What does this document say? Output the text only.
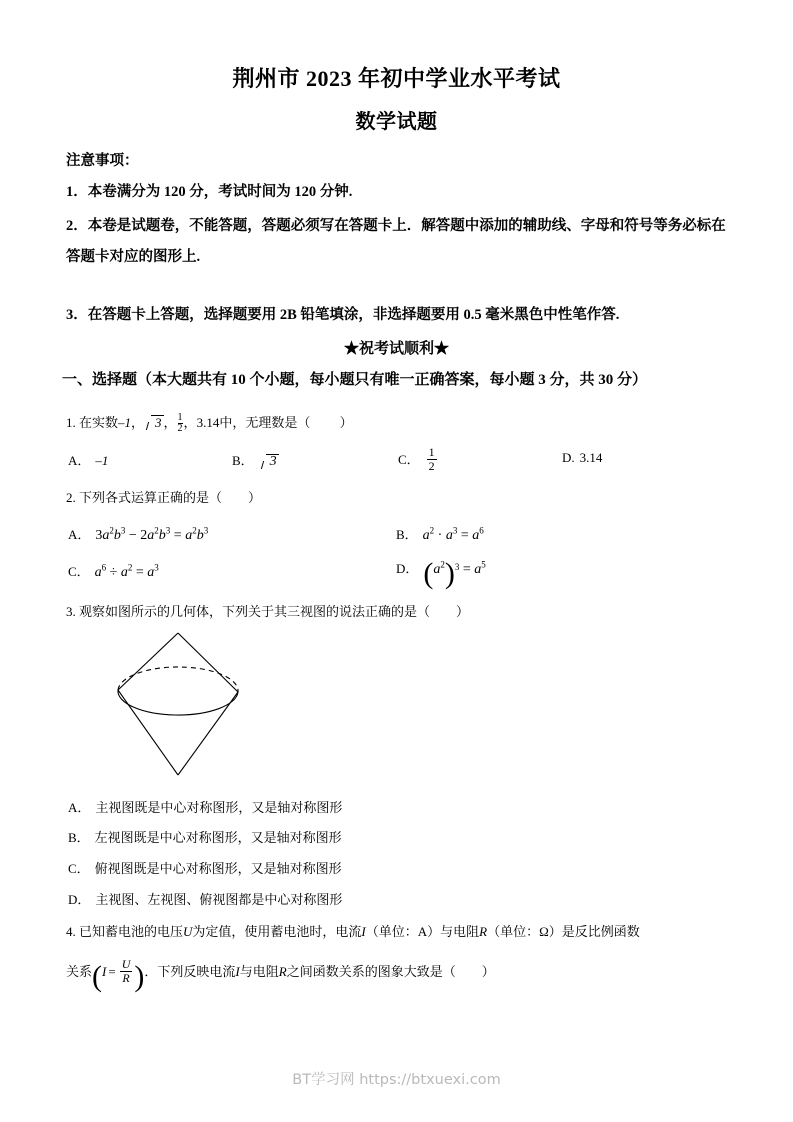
荆州市 2023 年初中学业水平考试
数学试题
注意事项：
1．本卷满分为 120 分，考试时间为 120 分钟.
2．本卷是试题卷，不能答题，答题必须写在答题卡上．解答题中添加的辅助线、字母和符号等务必标在答题卡对应的图形上.
3．在答题卡上答题，选择题要用 2B 铅笔填涂，非选择题要用 0.5 毫米黑色中性笔作答.
★祝考试顺利★
一、选择题（本大题共有 10 个小题，每小题只有唯一正确答案，每小题 3 分，共 30 分）
1. 在实数–1， 3 ， $\frac{1}{2}$ ，3.14中，无理数是（ ）
A． –1	B． 3	C． $\frac{1}{2}$	D. 3.14
2. 下列各式运算正确的是（ ）
A． $3a^2b^3 - 2a^2b^3 = a^2b^3$	B． $a^2 \cdot a^3 = a^6$
C． $a^6 \div a^2 = a^3$	D． $(a^2)^3 = a^5$
3. 观察如图所示的几何体，下列关于其三视图的说法正确的是（ ）
A． 主视图既是中心对称图形，又是轴对称图形
B． 左视图既是中心对称图形，又是轴对称图形
C． 俯视图既是中心对称图形，又是轴对称图形
D． 主视图、左视图、俯视图都是中心对称图形
4. 已知蓄电池的电压U为定值，使用蓄电池时，电流I（单位：A）与电阻R（单位：Ω）是反比例函数
关系($I = \frac{U}{R}$ )．下列反映电流I与电阻R之间函数关系的图象大致是（ ）
BT学习网 https://btxuexi.com
